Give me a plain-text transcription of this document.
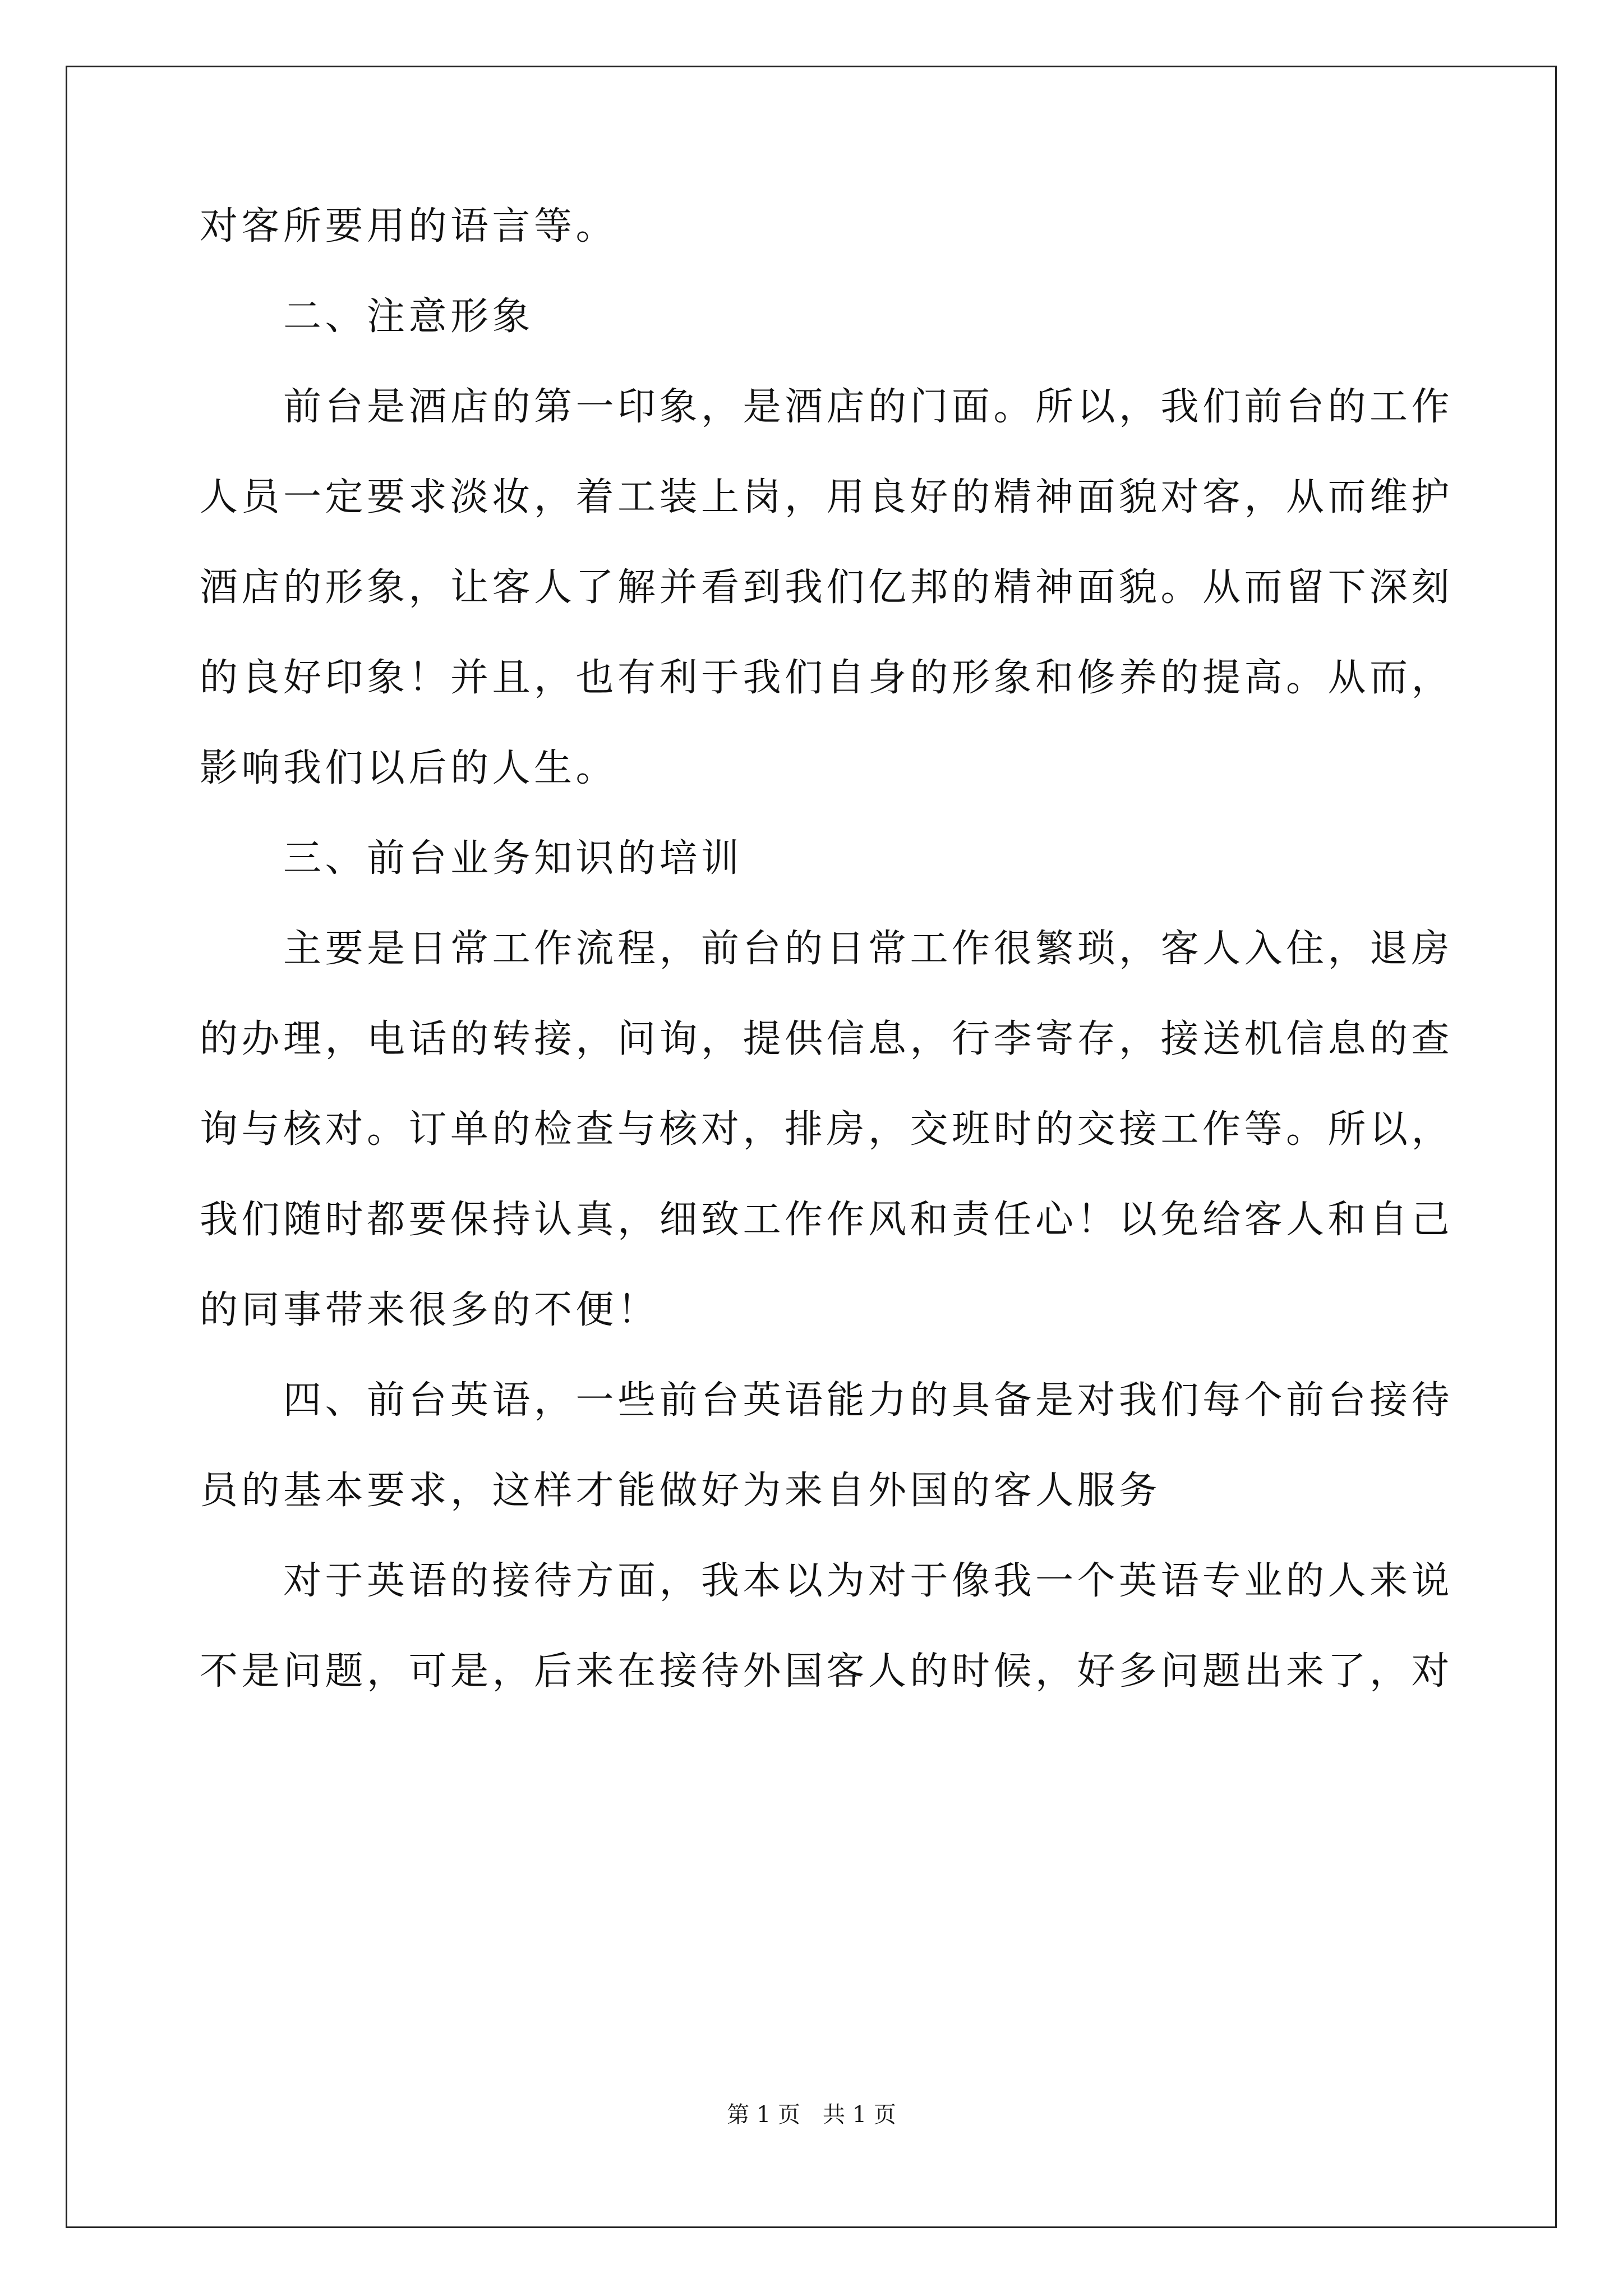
对客所要用的语言等。
　　二、注意形象
　　前台是酒店的第一印象，是酒店的门面。所以，我们前台的工作
人员一定要求淡妆，着工装上岗，用良好的精神面貌对客，从而维护
酒店的形象，让客人了解并看到我们亿邦的精神面貌。从而留下深刻
的良好印象！并且，也有利于我们自身的形象和修养的提高。从而，
影响我们以后的人生。
　　三、前台业务知识的培训
　　主要是日常工作流程，前台的日常工作很繁琐，客人入住，退房
的办理，电话的转接，问询，提供信息，行李寄存，接送机信息的查
询与核对。订单的检查与核对，排房，交班时的交接工作等。所以，
我们随时都要保持认真，细致工作作风和责任心！以免给客人和自己
的同事带来很多的不便！
　　四、前台英语，一些前台英语能力的具备是对我们每个前台接待
员的基本要求，这样才能做好为来自外国的客人服务
　　对于英语的接待方面，我本以为对于像我一个英语专业的人来说
不是问题，可是，后来在接待外国客人的时候，好多问题出来了，对
第 1 页　共 1 页
